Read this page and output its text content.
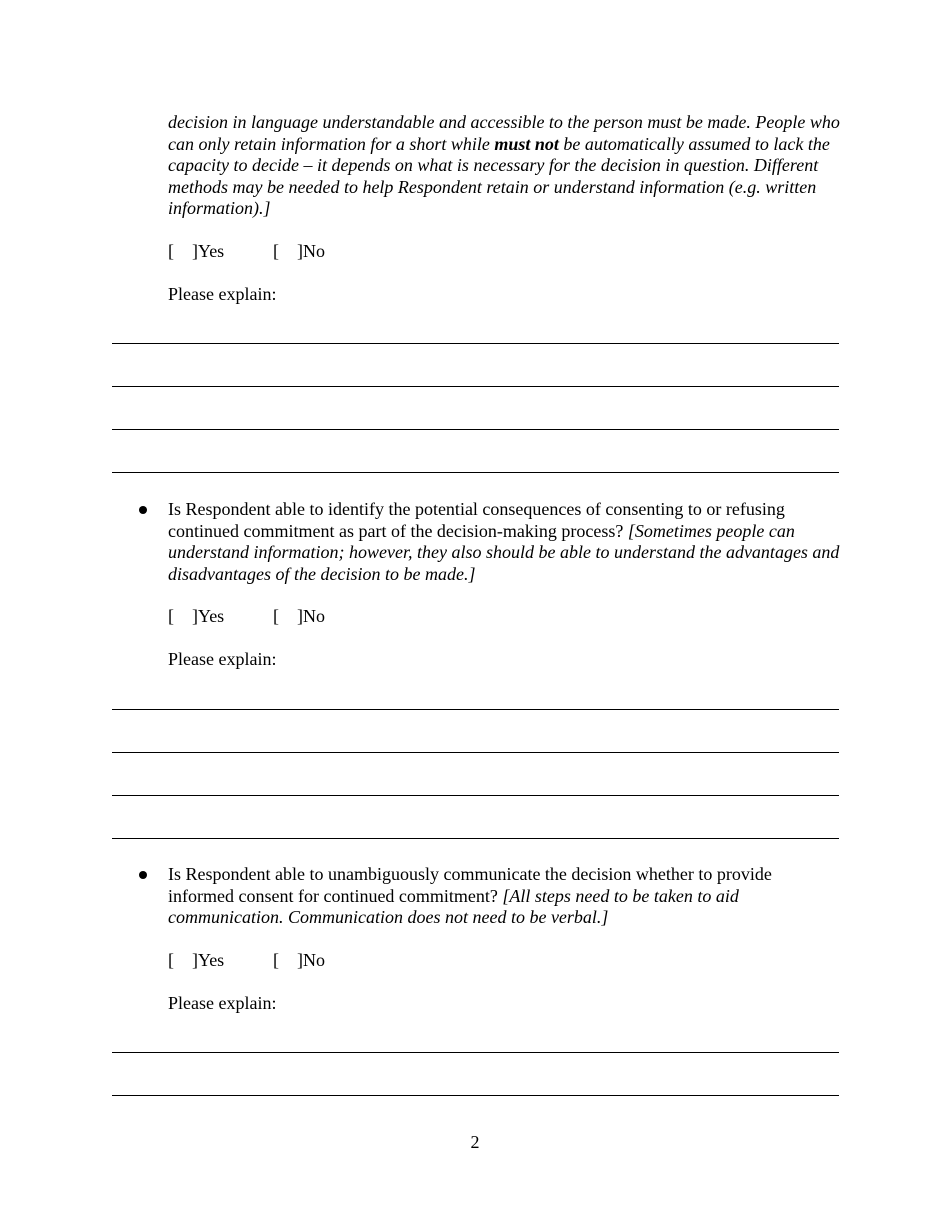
decision in language understandable and accessible to the person must be made. People who can only retain information for a short while must not be automatically assumed to lack the capacity to decide – it depends on what is necessary for the decision in question. Different methods may be needed to help Respondent retain or understand information (e.g. written information).]

[ ]Yes	[ ]No
Please explain:

Is Respondent able to identify the potential consequences of consenting to or refusing continued commitment as part of the decision-making process? [Sometimes people can understand information; however, they also should be able to understand the advantages and disadvantages of the decision to be made.]

[ ]Yes	[ ]No
Please explain:

Is Respondent able to unambiguously communicate the decision whether to provide informed consent for continued commitment? [All steps need to be taken to aid communication. Communication does not need to be verbal.]

[ ]Yes	[ ]No
Please explain:
2
